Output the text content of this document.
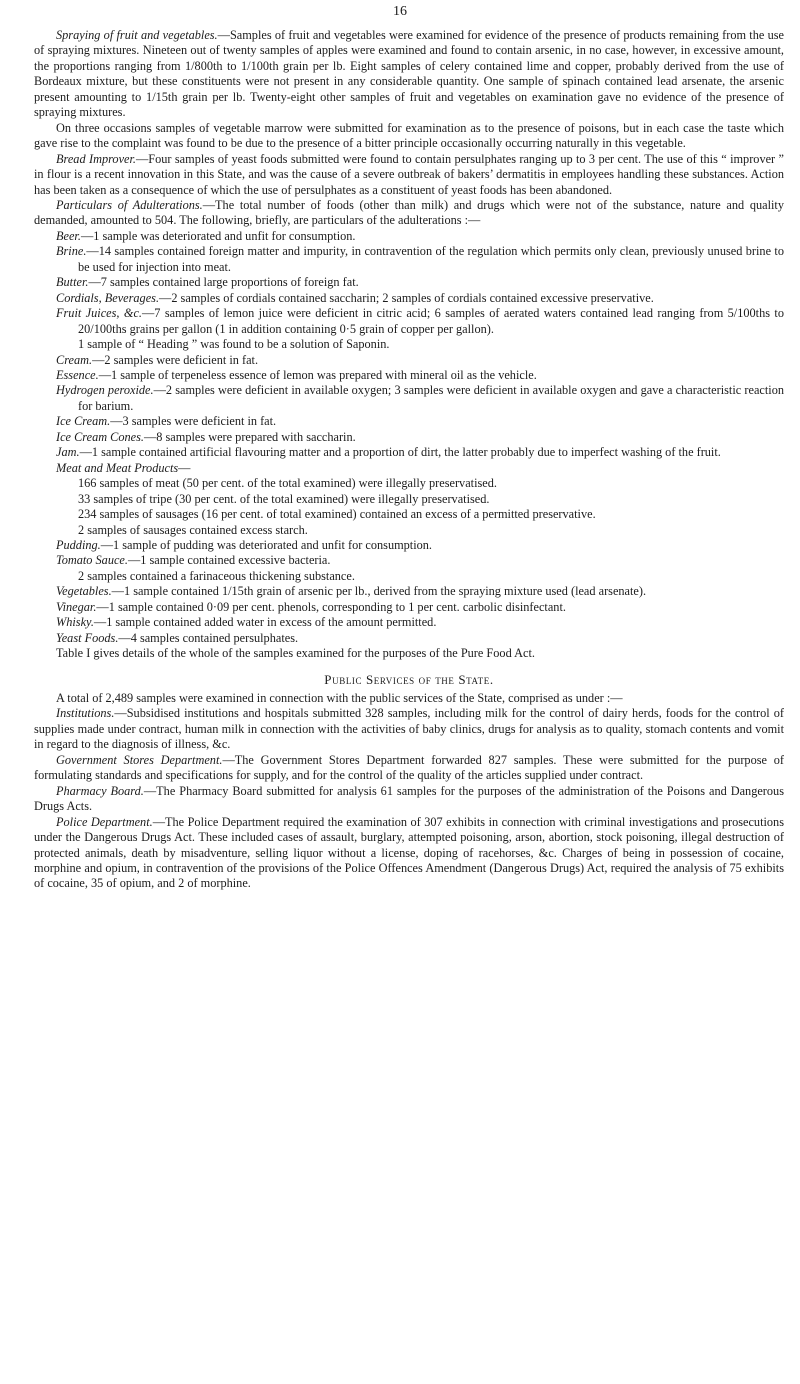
16

Spraying of fruit and vegetables.—Samples of fruit and vegetables were examined for evidence of the presence of products remaining from the use of spraying mixtures. Nineteen out of twenty samples of apples were examined and found to contain arsenic, in no case, however, in excessive amount, the proportions ranging from 1/800th to 1/100th grain per lb. Eight samples of celery contained lime and copper, probably derived from the use of Bordeaux mixture, but these constituents were not present in any considerable quantity. One sample of spinach contained lead arsenate, the arsenic present amounting to 1/15th grain per lb. Twenty-eight other samples of fruit and vegetables on examination gave no evidence of the presence of spraying mixtures.

On three occasions samples of vegetable marrow were submitted for examination as to the presence of poisons, but in each case the taste which gave rise to the complaint was found to be due to the presence of a bitter principle occasionally occurring naturally in this vegetable.

Bread Improver.—Four samples of yeast foods submitted were found to contain persulphates ranging up to 3 per cent. The use of this “ improver ” in flour is a recent innovation in this State, and was the cause of a severe outbreak of bakers’ dermatitis in employees handling these substances. Action has been taken as a consequence of which the use of persulphates as a constituent of yeast foods has been abandoned.

Particulars of Adulterations.—The total number of foods (other than milk) and drugs which were not of the substance, nature and quality demanded, amounted to 504. The following, briefly, are particulars of the adulterations :—

Beer.—1 sample was deteriorated and unfit for consumption.

Brine.—14 samples contained foreign matter and impurity, in contravention of the regulation which permits only clean, previously unused brine to be used for injection into meat.

Butter.—7 samples contained large proportions of foreign fat.

Cordials, Beverages.—2 samples of cordials contained saccharin; 2 samples of cordials contained excessive preservative.

Fruit Juices, &c.—7 samples of lemon juice were deficient in citric acid; 6 samples of aerated waters contained lead ranging from 5/100ths to 20/100ths grains per gallon (1 in addition containing 0·5 grain of copper per gallon).

1 sample of “ Heading ” was found to be a solution of Saponin.

Cream.—2 samples were deficient in fat.

Essence.—1 sample of terpeneless essence of lemon was prepared with mineral oil as the vehicle.

Hydrogen peroxide.—2 samples were deficient in available oxygen; 3 samples were deficient in available oxygen and gave a characteristic reaction for barium.

Ice Cream.—3 samples were deficient in fat.

Ice Cream Cones.—8 samples were prepared with saccharin.

Jam.—1 sample contained artificial flavouring matter and a proportion of dirt, the latter probably due to imperfect washing of the fruit.

Meat and Meat Products—

166 samples of meat (50 per cent. of the total examined) were illegally preservatised.

33 samples of tripe (30 per cent. of the total examined) were illegally preservatised.

234 samples of sausages (16 per cent. of total examined) contained an excess of a permitted preservative.

2 samples of sausages contained excess starch.

Pudding.—1 sample of pudding was deteriorated and unfit for consumption.

Tomato Sauce.—1 sample contained excessive bacteria.

2 samples contained a farinaceous thickening substance.

Vegetables.—1 sample contained 1/15th grain of arsenic per lb., derived from the spraying mixture used (lead arsenate).

Vinegar.—1 sample contained 0·09 per cent. phenols, corresponding to 1 per cent. carbolic disinfectant.

Whisky.—1 sample contained added water in excess of the amount permitted.

Yeast Foods.—4 samples contained persulphates.

Table I gives details of the whole of the samples examined for the purposes of the Pure Food Act.

Public Services of the State.

A total of 2,489 samples were examined in connection with the public services of the State, comprised as under :—

Institutions.—Subsidised institutions and hospitals submitted 328 samples, including milk for the control of dairy herds, foods for the control of supplies made under contract, human milk in connection with the activities of baby clinics, drugs for analysis as to quality, stomach contents and vomit in regard to the diagnosis of illness, &c.

Government Stores Department.—The Government Stores Department forwarded 827 samples. These were submitted for the purpose of formulating standards and specifications for supply, and for the control of the quality of the articles supplied under contract.

Pharmacy Board.—The Pharmacy Board submitted for analysis 61 samples for the purposes of the administration of the Poisons and Dangerous Drugs Acts.

Police Department.—The Police Department required the examination of 307 exhibits in connection with criminal investigations and prosecutions under the Dangerous Drugs Act. These included cases of assault, burglary, attempted poisoning, arson, abortion, stock poisoning, illegal destruction of protected animals, death by misadventure, selling liquor without a license, doping of racehorses, &c. Charges of being in possession of cocaine, morphine and opium, in contravention of the provisions of the Police Offences Amendment (Dangerous Drugs) Act, required the analysis of 75 exhibits of cocaine, 35 of opium, and 2 of morphine.
